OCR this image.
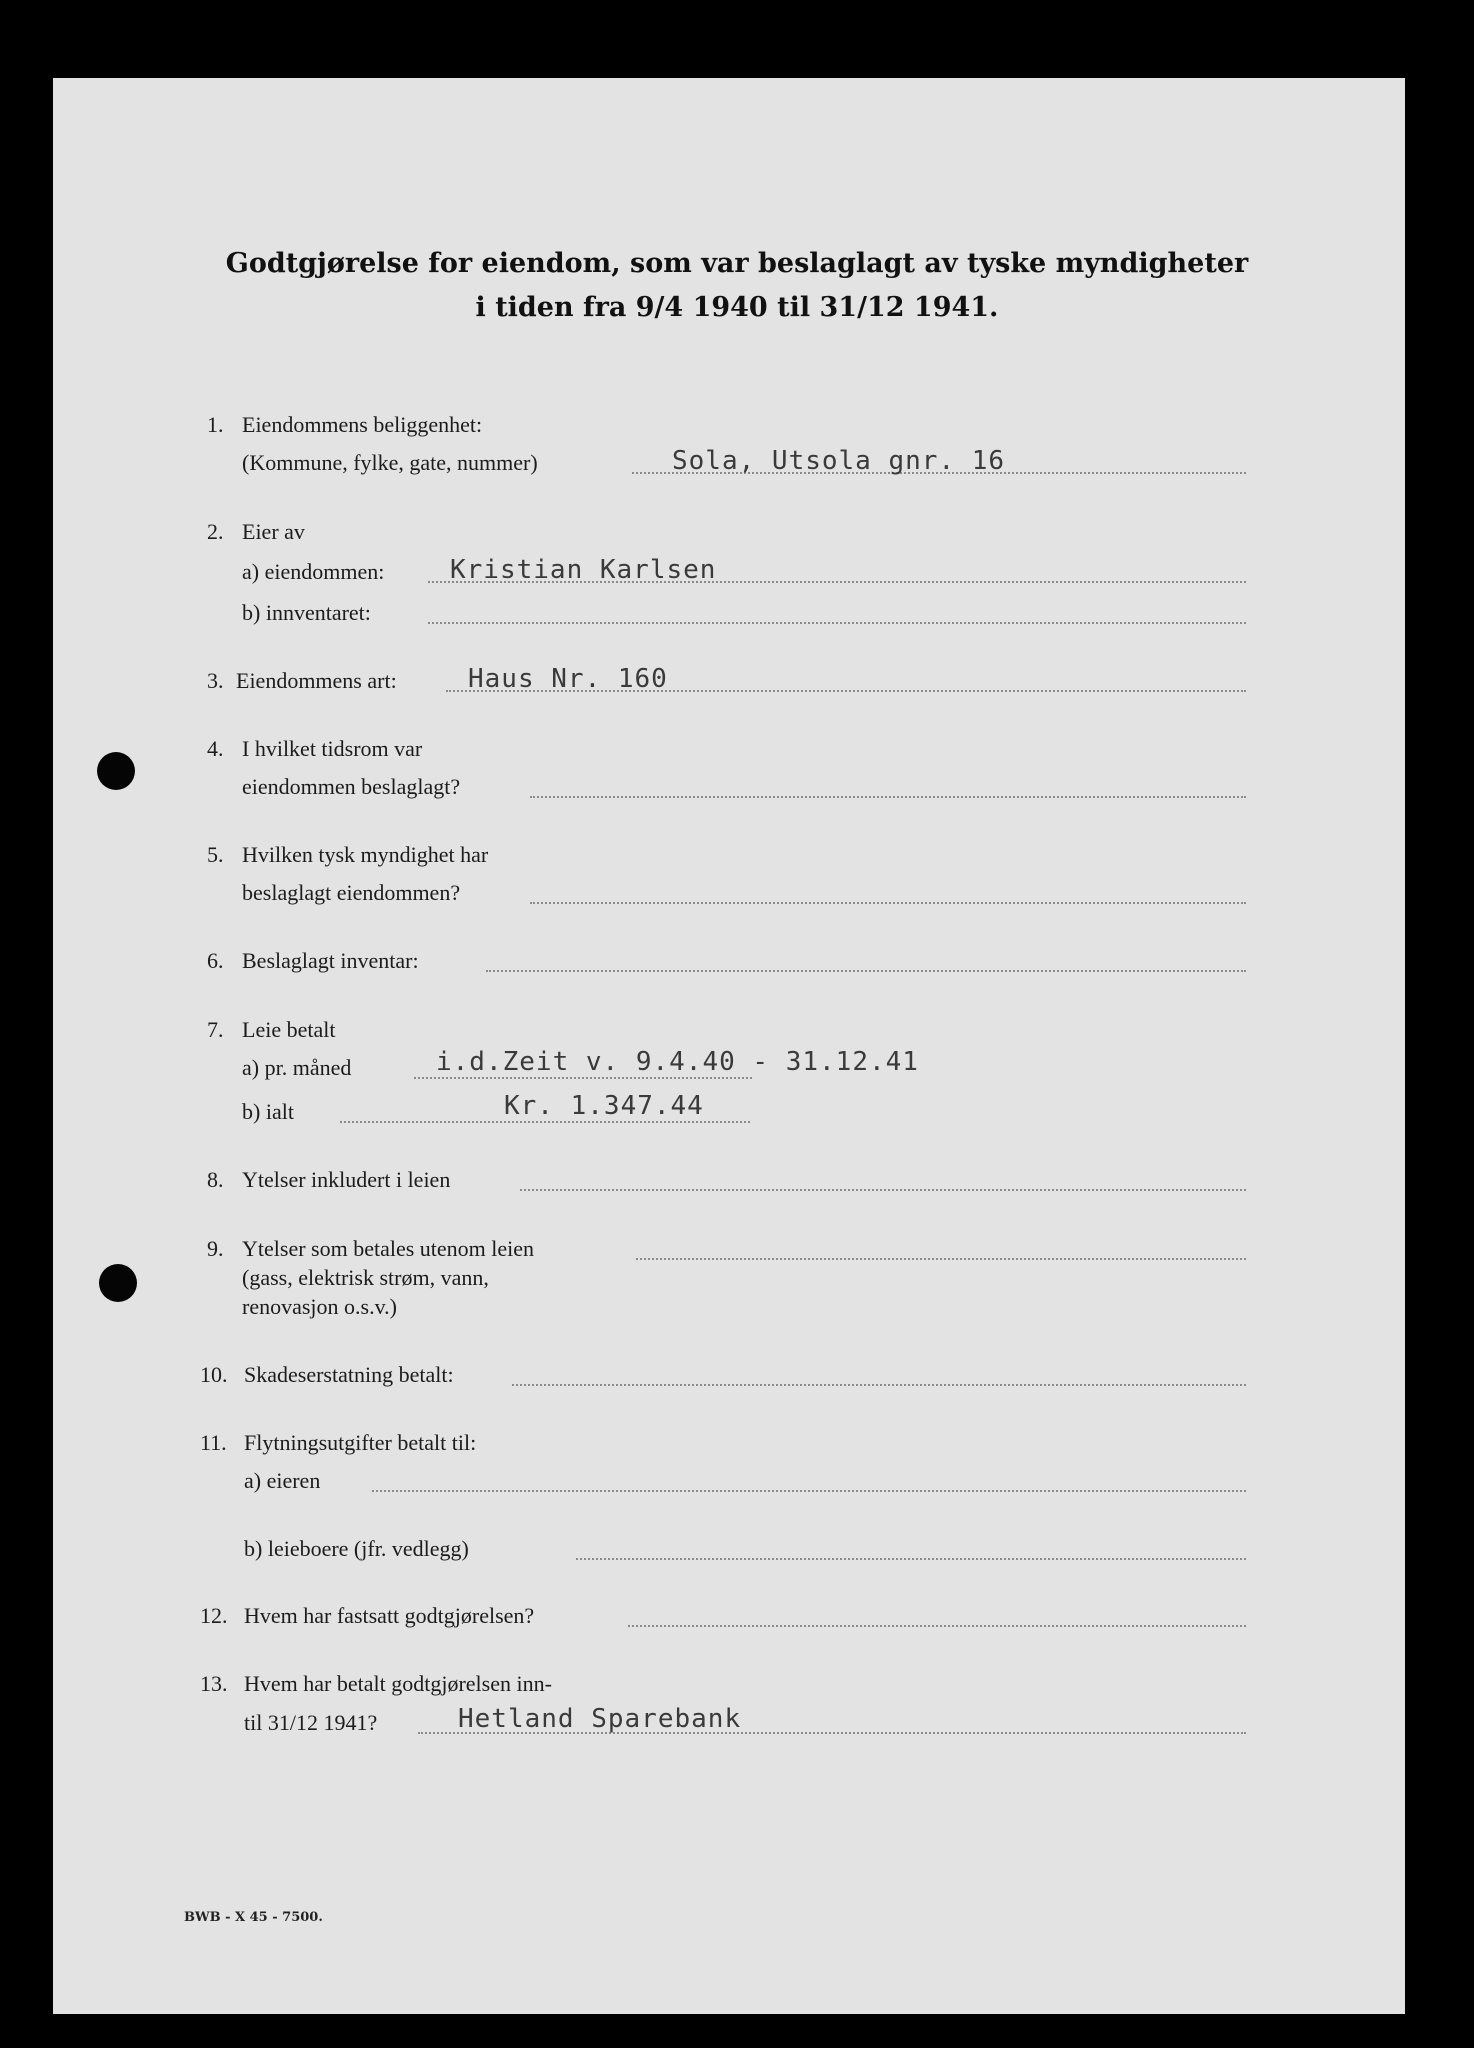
Godtgjørelse for eiendom, som var beslaglagt av tyske myndigheter
i tiden fra 9/4 1940 til 31/12 1941.
1. Eiendommens beliggenhet:
(Kommune, fylke, gate, nummer)	Sola, Utsola gnr. 16
2. Eier av
a) eiendommen:	Kristian Karlsen
b) innventaret:
3. Eiendommens art:	Haus Nr. 160
4. I hvilket tidsrom var
eiendommen beslaglagt?
5. Hvilken tysk myndighet har
beslaglagt eiendommen?
6. Beslaglagt inventar:
7. Leie betalt
a) pr. måned	i.d.Zeit v. 9.4.40 - 31.12.41
b) ialt	Kr. 1.347.44
8. Ytelser inkludert i leien
9. Ytelser som betales utenom leien
(gass, elektrisk strøm, vann,
renovasjon o.s.v.)
10. Skadeserstatning betalt:
11. Flytningsutgifter betalt til:
a) eieren
b) leieboere (jfr. vedlegg)
12. Hvem har fastsatt godtgjørelsen?
13. Hvem har betalt godtgjørelsen inn-
til 31/12 1941?	Hetland Sparebank
BWB - X 45 - 7500.
